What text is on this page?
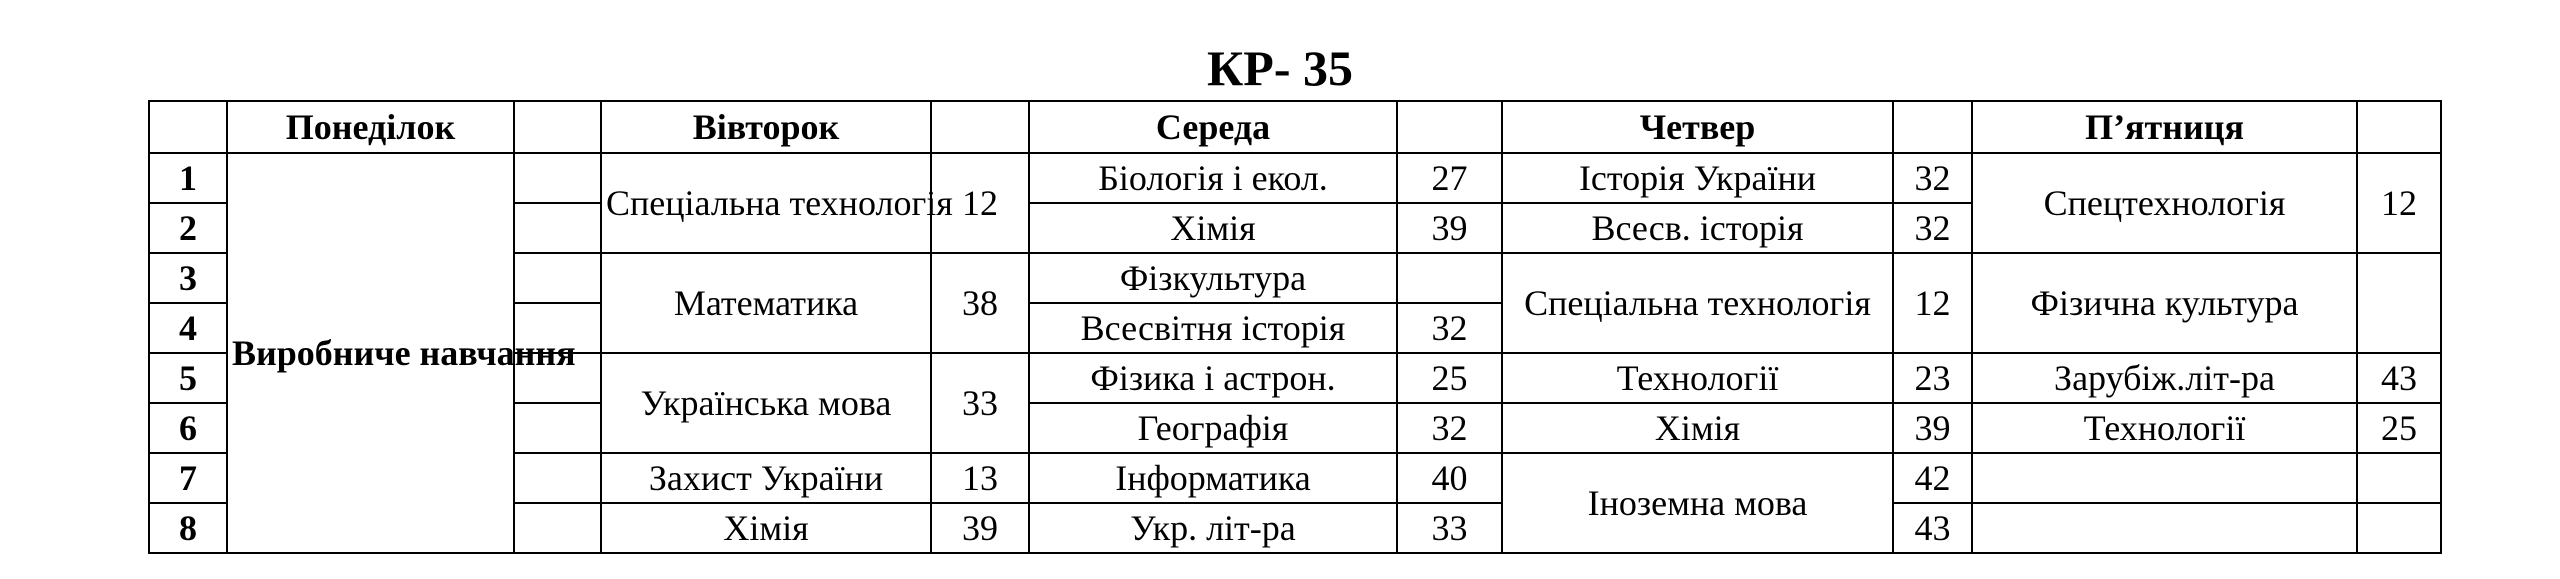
КР- 35
	Понеділок		Вівторок		Середа		Четвер		П’ятниця	
1	Виробниче навчання		Спеціальна технологія	12	Біологія і екол.	27	Історія України	32	Спецтехнологія	12
2					Хімія	39	Всесв. історія	32		
3			Математика	38	Фізкультура		Спеціальна технологія	12	Фізична культура	
4					Всесвітня історія	32				
5			Українська мова	33	Фізика і астрон.	25	Технології	23	Зарубіж.літ-ра	43
6					Географія	32	Хімія	39	Технології	25
7			Захист України	13	Інформатика	40	Іноземна мова	42		
8			Хімія	39	Укр. літ-ра	33		43		
